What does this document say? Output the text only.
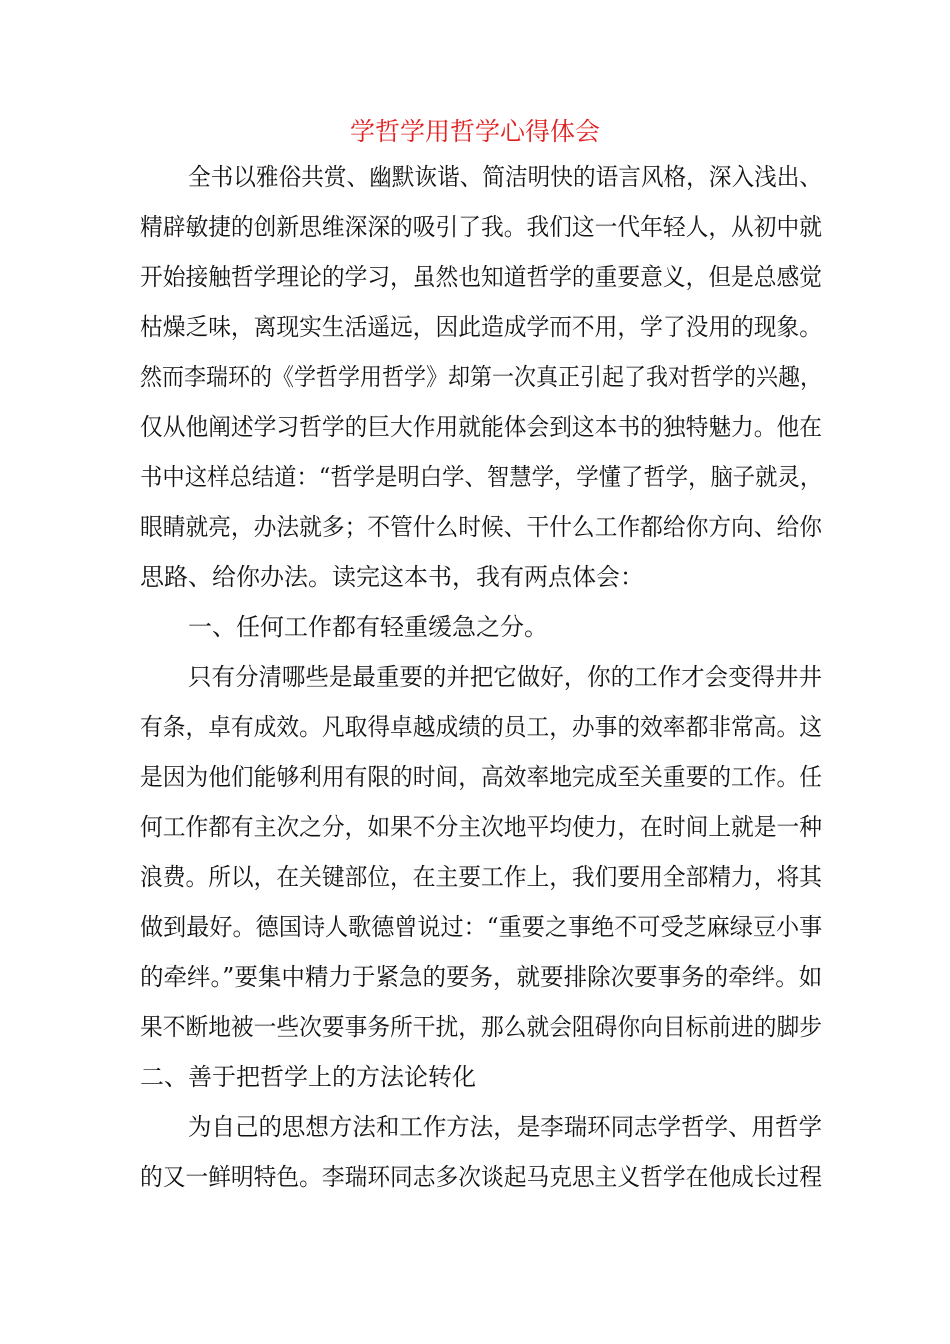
学哲学用哲学心得体会
全书以雅俗共赏、幽默诙谐、简洁明快的语言风格，深入浅出、
精辟敏捷的创新思维深深的吸引了我。我们这一代年轻人，从初中就
开始接触哲学理论的学习，虽然也知道哲学的重要意义，但是总感觉
枯燥乏味，离现实生活遥远，因此造成学而不用，学了没用的现象。
然而李瑞环的《学哲学用哲学》却第一次真正引起了我对哲学的兴趣，
仅从他阐述学习哲学的巨大作用就能体会到这本书的独特魅力。他在
书中这样总结道：“哲学是明白学、智慧学，学懂了哲学，脑子就灵，
眼睛就亮，办法就多；不管什么时候、干什么工作都给你方向、给你
思路、给你办法。读完这本书，我有两点体会：
一、任何工作都有轻重缓急之分。
只有分清哪些是最重要的并把它做好，你的工作才会变得井井
有条，卓有成效。凡取得卓越成绩的员工，办事的效率都非常高。这
是因为他们能够利用有限的时间，高效率地完成至关重要的工作。任
何工作都有主次之分，如果不分主次地平均使力，在时间上就是一种
浪费。所以，在关键部位，在主要工作上，我们要用全部精力，将其
做到最好。德国诗人歌德曾说过：“重要之事绝不可受芝麻绿豆小事
的牵绊。”要集中精力于紧急的要务，就要排除次要事务的牵绊。如
果不断地被一些次要事务所干扰，那么就会阻碍你向目标前进的脚步
二、善于把哲学上的方法论转化
为自己的思想方法和工作方法，是李瑞环同志学哲学、用哲学
的又一鲜明特色。李瑞环同志多次谈起马克思主义哲学在他成长过程
